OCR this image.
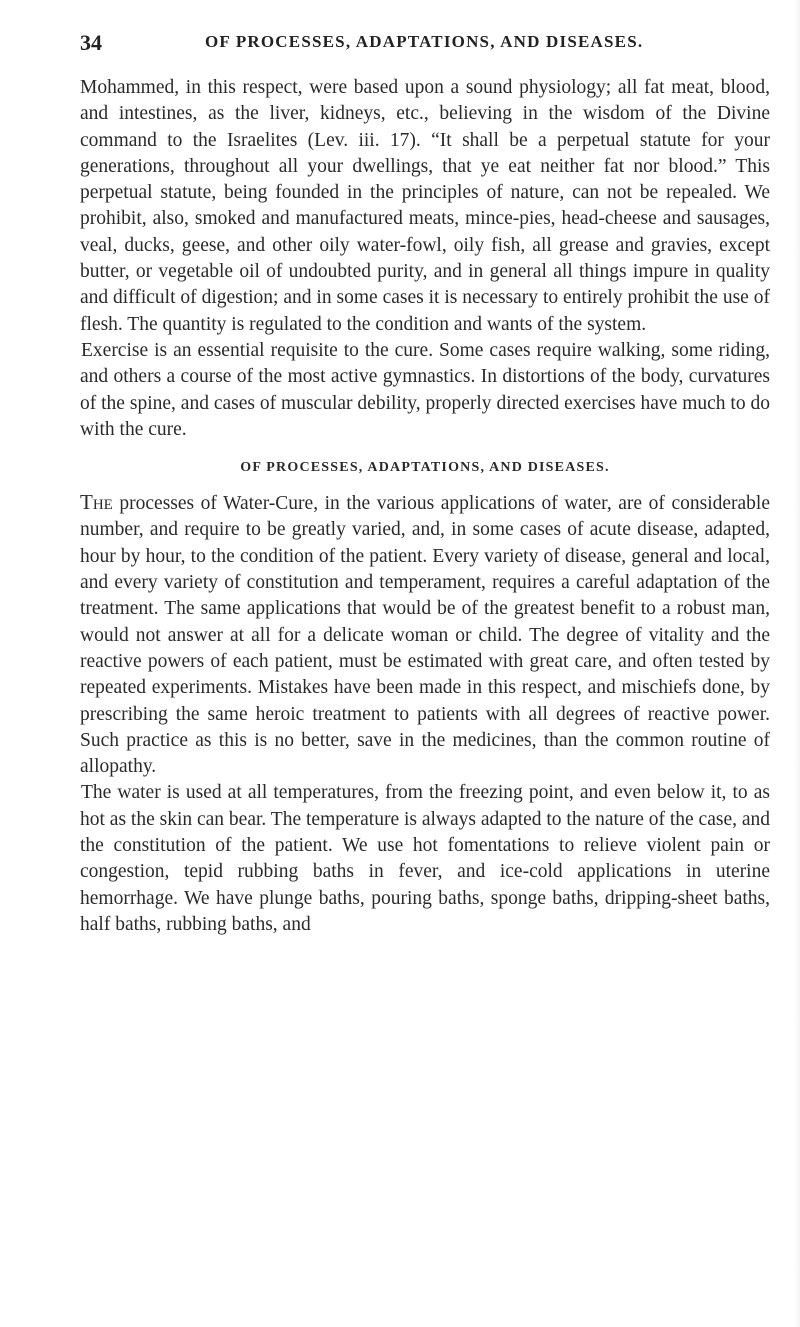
34	OF PROCESSES, ADAPTATIONS, AND DISEASES.

Mohammed, in this respect, were based upon a sound physiology; all fat meat, blood, and intestines, as the liver, kidneys, etc., believing in the wisdom of the Divine command to the Israelites (Lev. iii. 17). “It shall be a perpetual statute for your generations, throughout all your dwellings, that ye eat neither fat nor blood.” This perpetual statute, being founded in the principles of nature, can not be repealed. We prohibit, also, smoked and manufactured meats, mince-pies, head-cheese and sausages, veal, ducks, geese, and other oily water-fowl, oily fish, all grease and gravies, except butter, or vegetable oil of undoubted purity, and in general all things impure in quality and difficult of digestion; and in some cases it is necessary to entirely prohibit the use of flesh. The quantity is regulated to the condition and wants of the system.

Exercise is an essential requisite to the cure. Some cases require walking, some riding, and others a course of the most active gymnastics. In distortions of the body, curvatures of the spine, and cases of muscular debility, properly directed exercises have much to do with the cure.

OF PROCESSES, ADAPTATIONS, AND DISEASES.

The processes of Water-Cure, in the various applications of water, are of considerable number, and require to be greatly varied, and, in some cases of acute disease, adapted, hour by hour, to the condition of the patient. Every variety of disease, general and local, and every variety of constitution and temperament, requires a careful adaptation of the treatment. The same applications that would be of the greatest benefit to a robust man, would not answer at all for a delicate woman or child. The degree of vitality and the reactive powers of each patient, must be estimated with great care, and often tested by repeated experiments. Mistakes have been made in this respect, and mischiefs done, by prescribing the same heroic treatment to patients with all degrees of reactive power. Such practice as this is no better, save in the medicines, than the common routine of allopathy.

The water is used at all temperatures, from the freezing point, and even below it, to as hot as the skin can bear. The temperature is always adapted to the nature of the case, and the constitution of the patient. We use hot fomentations to relieve violent pain or congestion, tepid rubbing baths in fever, and ice-cold applications in uterine hemorrhage. We have plunge baths, pouring baths, sponge baths, dripping-sheet baths, half baths, rubbing baths, and
